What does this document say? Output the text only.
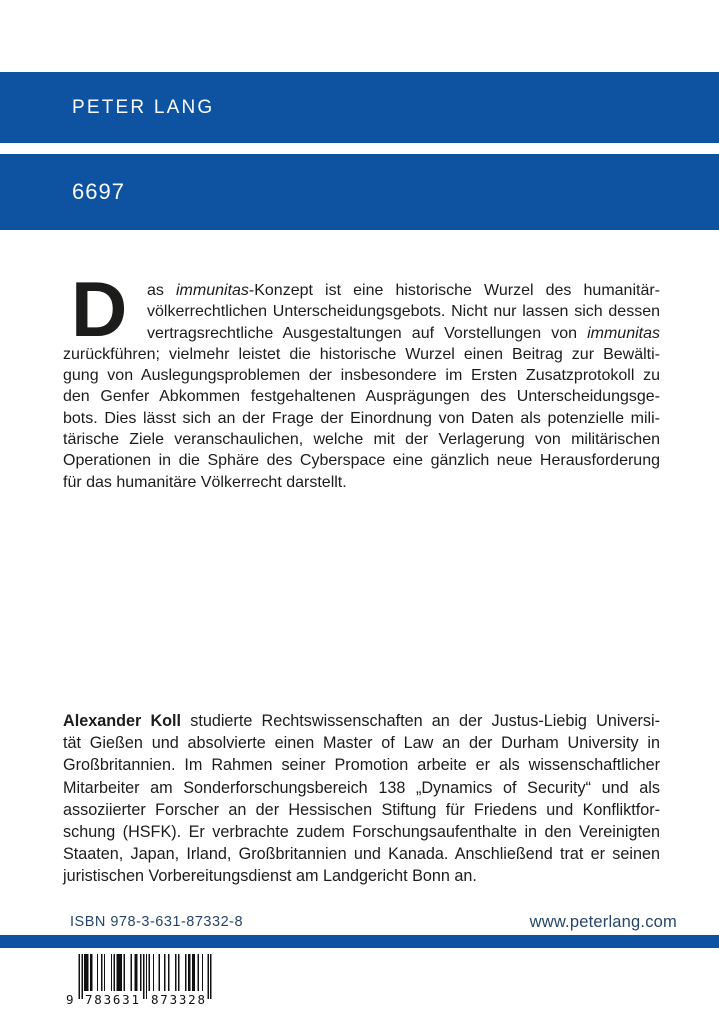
PETER LANG
6697
D	as immunitas-Konzept ist eine historische Wurzel des humanitär-
völkerrechtlichen Unterscheidungsgebots. Nicht nur lassen sich dessen
vertragsrechtliche Ausgestaltungen auf Vorstellungen von immunitas
zurückführen; vielmehr leistet die historische Wurzel einen Beitrag zur Bewälti-
gung von Auslegungsproblemen der insbesondere im Ersten Zusatzprotokoll zu
den Genfer Abkommen festgehaltenen Ausprägungen des Unterscheidungsge-
bots. Dies lässt sich an der Frage der Einordnung von Daten als potenzielle mili-
tärische Ziele veranschaulichen, welche mit der Verlagerung von militärischen
Operationen in die Sphäre des Cyberspace eine gänzlich neue Herausforderung
für das humanitäre Völkerrecht darstellt.
Alexander Koll studierte Rechtswissenschaften an der Justus-Liebig Universi-
tät Gießen und absolvierte einen Master of Law an der Durham University in
Großbritannien. Im Rahmen seiner Promotion arbeite er als wissenschaftlicher
Mitarbeiter am Sonderforschungsbereich 138 „Dynamics of Security“ und als
assoziierter Forscher an der Hessischen Stiftung für Friedens und Konfliktfor-
schung (HSFK). Er verbrachte zudem Forschungsaufenthalte in den Vereinigten
Staaten, Japan, Irland, Großbritannien und Kanada. Anschließend trat er seinen
juristischen Vorbereitungsdienst am Landgericht Bonn an.
ISBN 978-3-631-87332-8	www.peterlang.com
9 783631 873328
